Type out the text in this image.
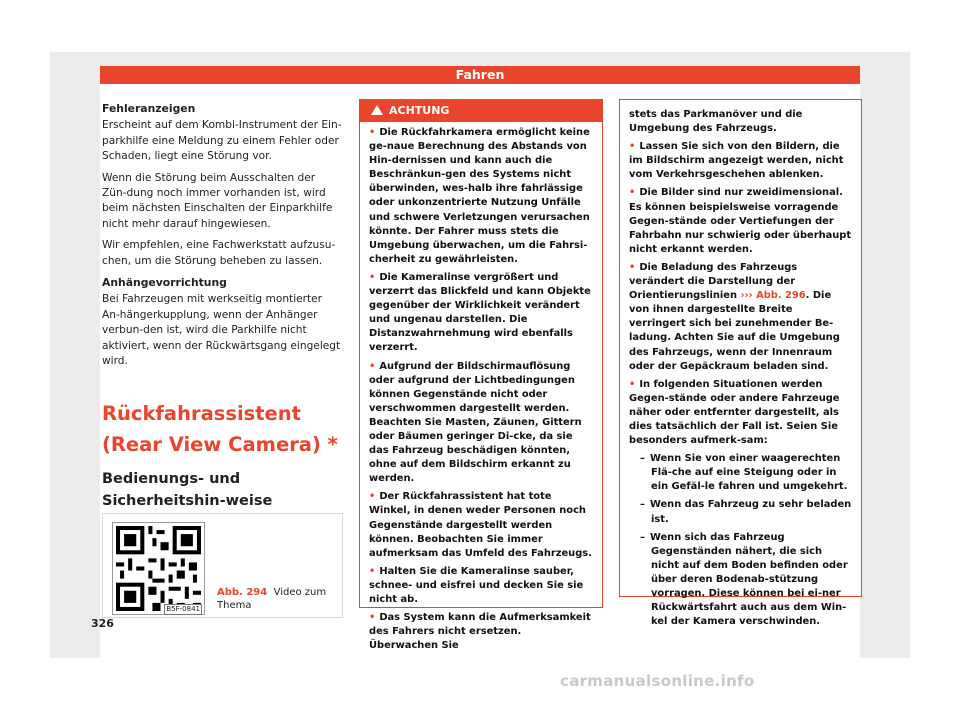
Fahren
Fehleranzeigen

Erscheint auf dem Kombi-Instrument der Ein-parkhilfe eine Meldung zu einem Fehler oder Schaden, liegt eine Störung vor.

Wenn die Störung beim Ausschalten der Zün-dung noch immer vorhanden ist, wird beim nächsten Einschalten der Einparkhilfe nicht mehr darauf hingewiesen.

Wir empfehlen, eine Fachwerkstatt aufzusu-chen, um die Störung beheben zu lassen.

Anhängevorrichtung

Bei Fahrzeugen mit werkseitig montierter An-hängerkupplung, wenn der Anhänger verbun-den ist, wird die Parkhilfe nicht aktiviert, wenn der Rückwärtsgang eingelegt wird.

Rückfahrassistent (Rear View Camera) *
Bedienungs- und Sicherheitshin-weise
B5F-0841
Abb. 294 Video zum Thema
ACHTUNG

• Die Rückfahrkamera ermöglicht keine ge-naue Berechnung des Abstands von Hin-dernissen und kann auch die Beschränkun-gen des Systems nicht überwinden, wes-halb ihre fahrlässige oder unkonzentrierte Nutzung Unfälle und schwere Verletzungen verursachen könnte. Der Fahrer muss stets die Umgebung überwachen, um die Fahrsi-cherheit zu gewährleisten.

• Die Kameralinse vergrößert und verzerrt das Blickfeld und kann Objekte gegenüber der Wirklichkeit verändert und ungenau darstellen. Die Distanzwahrnehmung wird ebenfalls verzerrt.

• Aufgrund der Bildschirmauflösung oder aufgrund der Lichtbedingungen können Gegenstände nicht oder verschwommen dargestellt werden. Beachten Sie Masten, Zäunen, Gittern oder Bäumen geringer Di-cke, da sie das Fahrzeug beschädigen könnten, ohne auf dem Bildschirm erkannt zu werden.

• Der Rückfahrassistent hat tote Winkel, in denen weder Personen noch Gegenstände dargestellt werden können. Beobachten Sie immer aufmerksam das Umfeld des Fahrzeugs.

• Halten Sie die Kameralinse sauber, schnee- und eisfrei und decken Sie sie nicht ab.

• Das System kann die Aufmerksamkeit des Fahrers nicht ersetzen. Überwachen Sie

stets das Parkmanöver und die Umgebung des Fahrzeugs.

• Lassen Sie sich von den Bildern, die im Bildschirm angezeigt werden, nicht vom Verkehrsgeschehen ablenken.

• Die Bilder sind nur zweidimensional. Es können beispielsweise vorragende Gegen-stände oder Vertiefungen der Fahrbahn nur schwierig oder überhaupt nicht erkannt werden.

• Die Beladung des Fahrzeugs verändert die Darstellung der Orientierungslinien ››› Abb. 296. Die von ihnen dargestellte Breite verringert sich bei zunehmender Be-ladung. Achten Sie auf die Umgebung des Fahrzeugs, wenn der Innenraum oder der Gepäckraum beladen sind.

• In folgenden Situationen werden Gegen-stände oder andere Fahrzeuge näher oder entfernter dargestellt, als dies tatsächlich der Fall ist. Seien Sie besonders aufmerk-sam:

– Wenn Sie von einer waagerechten Flä-che auf eine Steigung oder in ein Gefäl-le fahren und umgekehrt.

– Wenn das Fahrzeug zu sehr beladen ist.

– Wenn sich das Fahrzeug Gegenständen nähert, die sich nicht auf dem Boden befinden oder über deren Bodenab-stützung vorragen. Diese können bei ei-ner Rückwärtsfahrt auch aus dem Win-kel der Kamera verschwinden.

326
carmanualsonline.info
